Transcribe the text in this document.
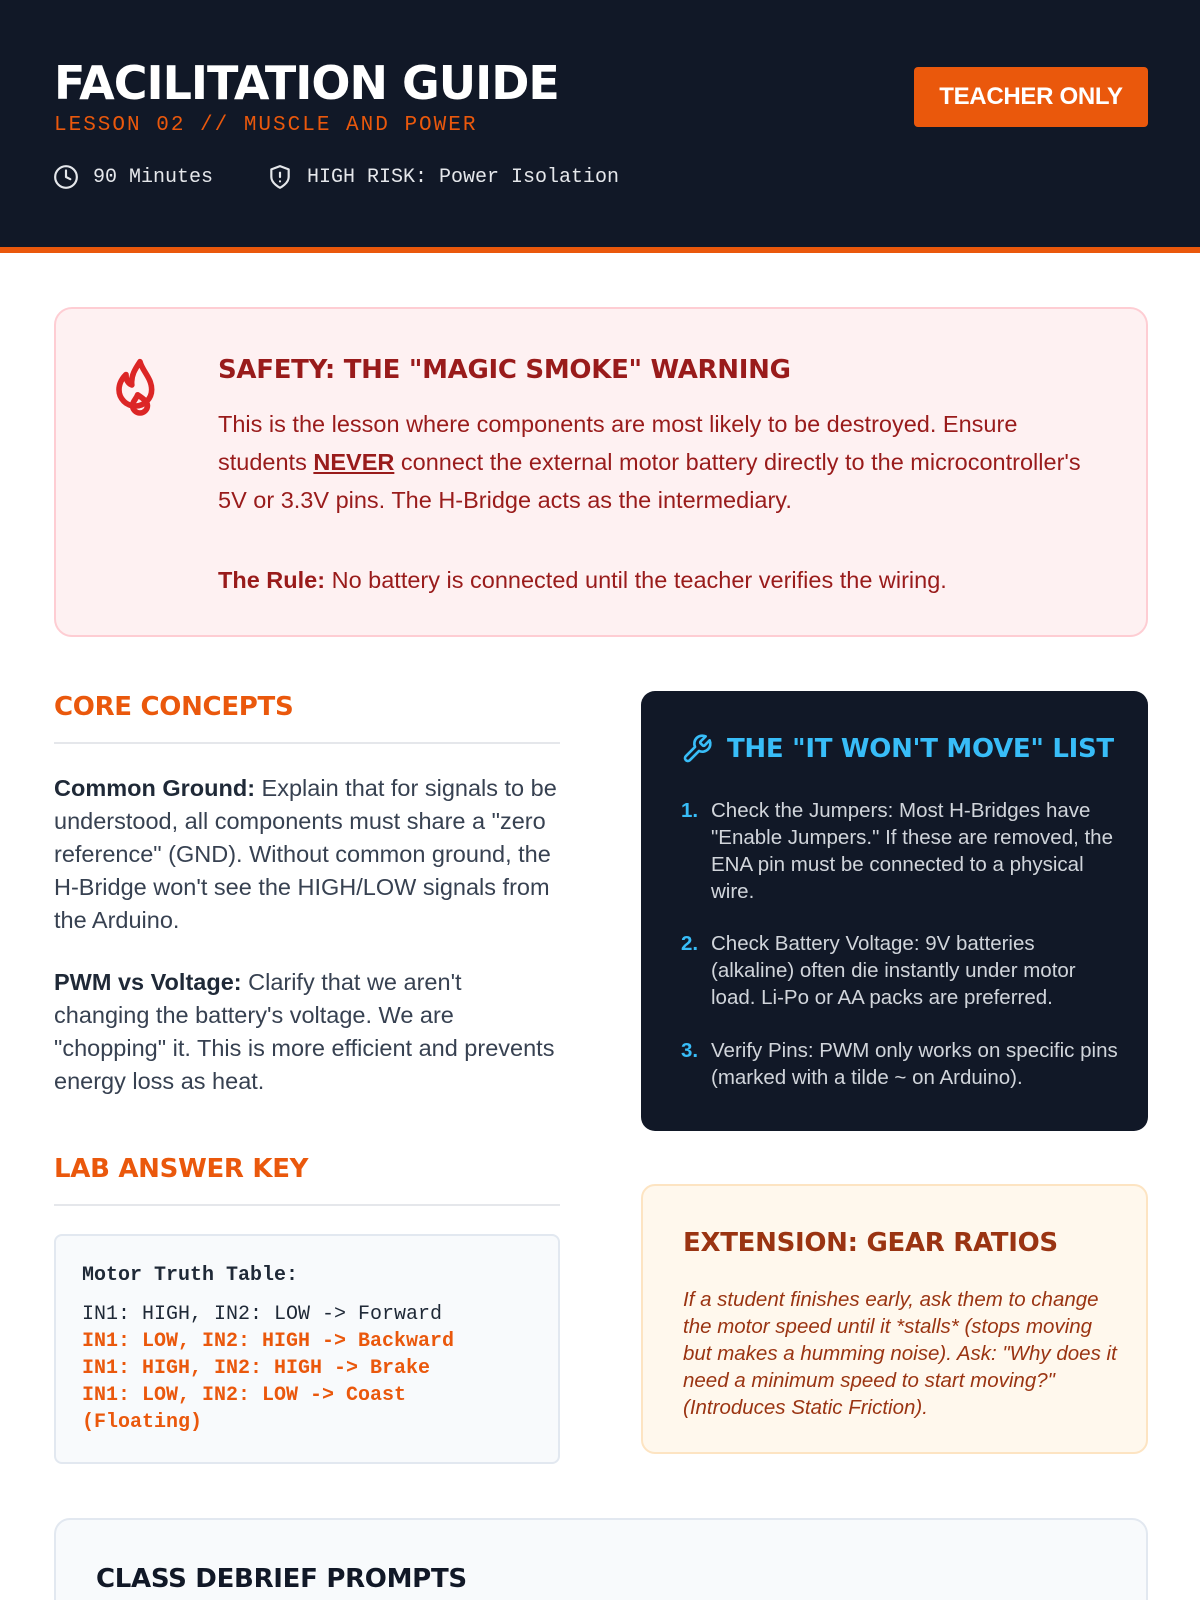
FACILITATION GUIDE
LESSON 02 // MUSCLE AND POWER
90 Minutes	HIGH RISK: Power Isolation
TEACHER ONLY
SAFETY: THE "MAGIC SMOKE" WARNING
This is the lesson where components are most likely to be destroyed. Ensure students NEVER connect the external motor battery directly to the microcontroller's 5V or 3.3V pins. The H-Bridge acts as the intermediary.
The Rule: No battery is connected until the teacher verifies the wiring.
CORE CONCEPTS

Common Ground: Explain that for signals to be understood, all components must share a "zero reference" (GND). Without common ground, the H-Bridge won't see the HIGH/LOW signals from the Arduino.

PWM vs Voltage: Clarify that we aren't changing the battery's voltage. We are "chopping" it. This is more efficient and prevents energy loss as heat.

LAB ANSWER KEY
Motor Truth Table:
IN1: HIGH, IN2: LOW -> Forward
IN1: LOW, IN2: HIGH -> Backward
IN1: HIGH, IN2: HIGH -> Brake
IN1: LOW, IN2: LOW -> Coast
(Floating)
THE "IT WON'T MOVE" LIST
1. Check the Jumpers: Most H-Bridges have "Enable Jumpers." If these are removed, the ENA pin must be connected to a physical wire.
2. Check Battery Voltage: 9V batteries (alkaline) often die instantly under motor load. Li-Po or AA packs are preferred.
3. Verify Pins: PWM only works on specific pins (marked with a tilde ~ on Arduino).
EXTENSION: GEAR RATIOS
If a student finishes early, ask them to change the motor speed until it *stalls* (stops moving but makes a humming noise). Ask: "Why does it need a minimum speed to start moving?" (Introduces Static Friction).
CLASS DEBRIEF PROMPTS
